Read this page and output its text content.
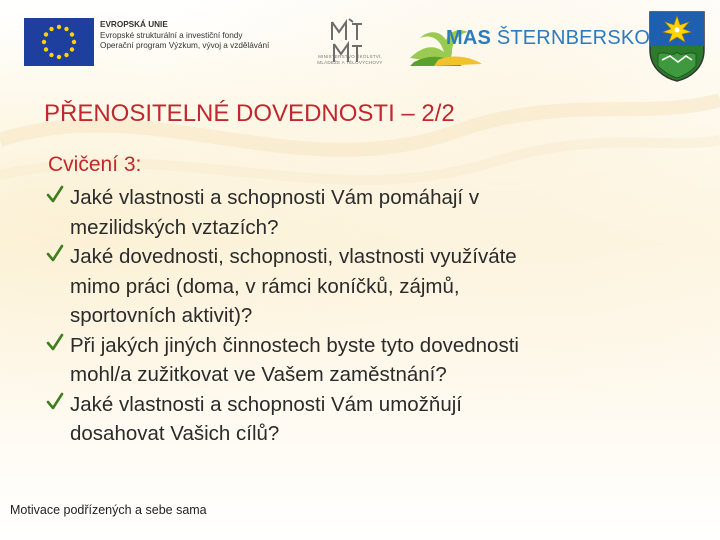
EVROPSKÁ UNIE
Evropské strukturální a investiční fondy
Operační program Výzkum, vývoj a vzdělávání
MINISTERSTVO ŠKOLSTVÍ,
MLÁDEŽE A TĚLOVÝCHOVY
MAS ŠTERNBERSKO
PŘENOSITELNÉ DOVEDNOSTI – 2/2
Cvičení 3:
Jaké vlastnosti a schopnosti Vám pomáhají v
mezilidských vztazích?
Jaké dovednosti, schopnosti, vlastnosti využíváte
mimo práci (doma, v rámci koníčků, zájmů,
sportovních aktivit)?
Při jakých jiných činnostech byste tyto dovednosti
mohl/a zužitkovat ve Vašem zaměstnání?
Jaké vlastnosti a schopnosti Vám umožňují
dosahovat Vašich cílů?
Motivace podřízených a sebe sama
